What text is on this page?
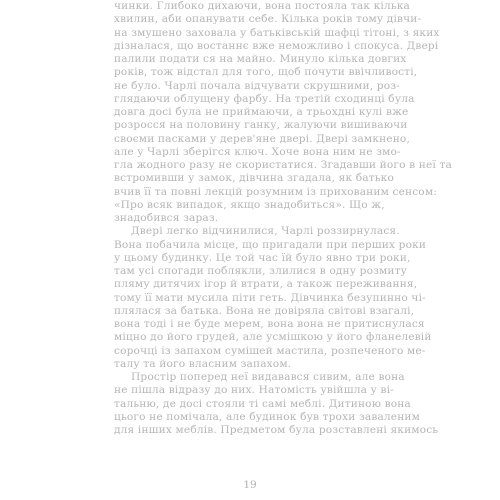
чинки. Глибоко дихаючи, вона постояла так кілька
хвилин, аби опанувати себе. Кілька років тому дівчи-
на змушено заховала у батьківській шафці тітоні, з яких
дізналася, що востаннє вже неможливо і спокуса. Двері
палили подати ся на майно. Минуло кілька довгих
років, тож відстал для того, щоб почути ввічливості,
не було. Чарлі почала відчувати скрушними, роз-
глядаючи облущену фарбу. На третій сходинці була
довга досі була не приймаючи, а трьохдні кулі вже
розросся на половину ганку, жалуючи вишиваючи
своєми пасками у дерев'яне двері. Двері замкнено,
але у Чарлі зберігся ключ. Хоче вона ним не змо-
гла жодного разу не скористатися. Згадавши його в неї та
встромивши у замок, дівчина згадала, як батько
вчив її та повні лекцій розумним із прихованим сенсом:
«Про всяк випадок, якщо знадобиться». Що ж,
знадобився зараз.
Двері легко відчинилися, Чарлі роззирнулася.
Вона побачила місце, що пригадали при перших роки
у цьому будинку. Це той час їй було явно три роки,
там усі спогади поблякли, злилися в одну розмиту
пляму дитячих ігор й втрати, а також переживання,
тому її мати мусила піти геть. Дівчинка безупинно чі-
плялася за батька. Вона не довіряла світові взагалі,
вона тоді і не буде мерем, вона вона не притиснулася
міцно до його грудей, але усмішкою у його фланелевій
сорочці із запахом сумішей мастила, розпеченого ме-
талу та його власним запахом.
Простір поперед неї видавався сивим, але вона
не пішла відразу до них. Натомість увійшла у ві-
тальню, де досі стояли ті самі меблі. Дитиною вона
цього не помічала, але будинок був трохи заваленим
для інших меблів. Предметом була розставлені якимось
19
